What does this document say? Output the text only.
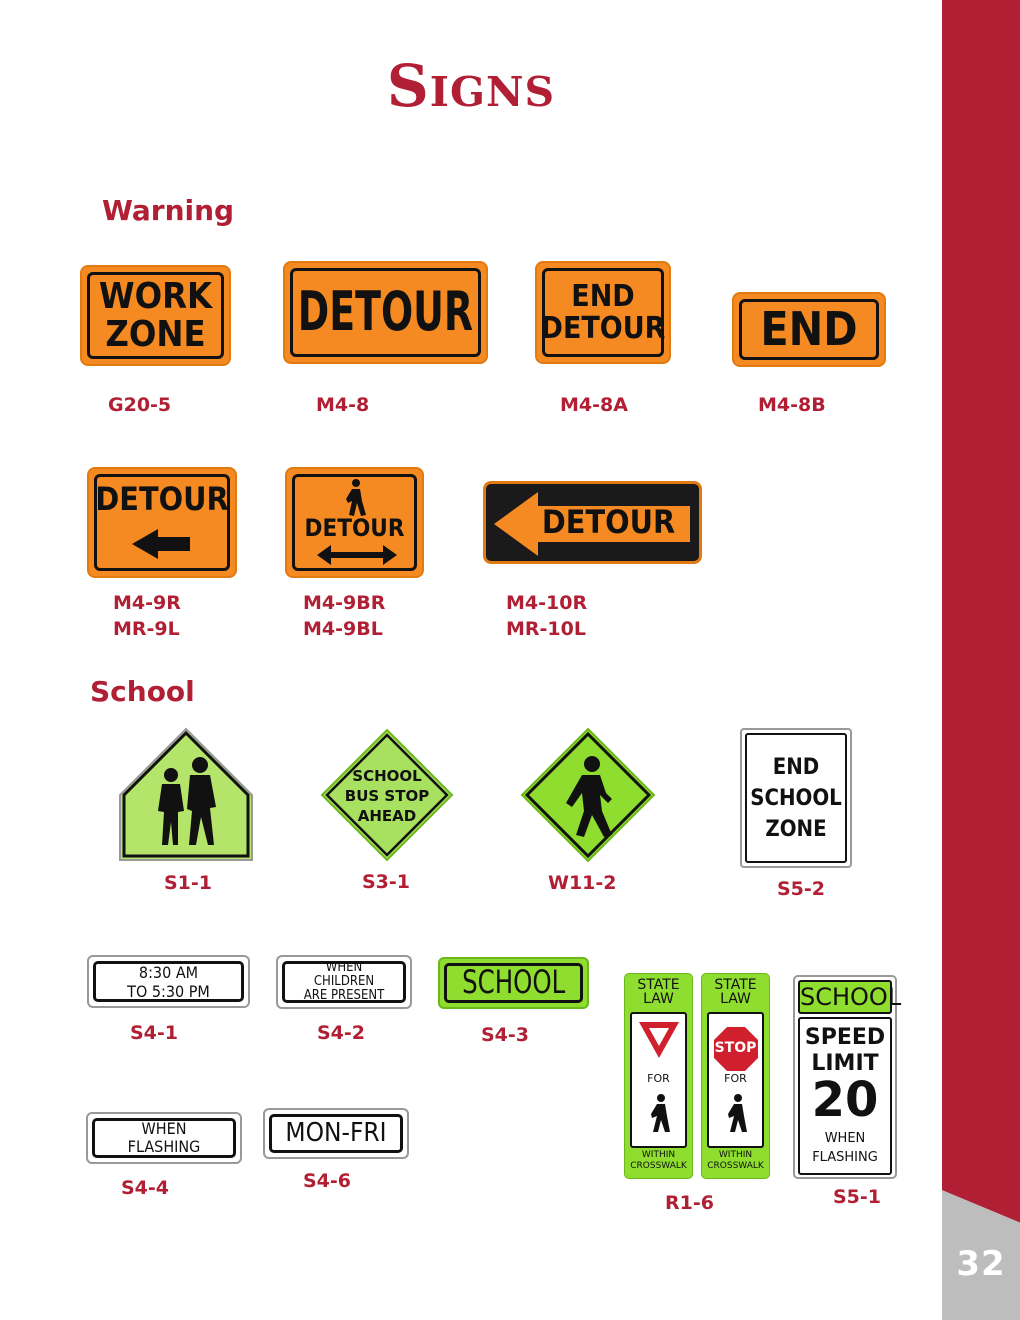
32
Signs
Warning
WORK
ZONE
G20-5
DETOUR
M4-8
END
DETOUR
M4-8A
END
M4-8B
DETOUR
M4-9R
MR-9L
DETOUR
M4-9BR
M4-9BL
DETOUR
M4-10R
MR-10L
School
S1-1
SCHOOL
BUS STOP
AHEAD
S3-1	W11-2
END
SCHOOL
ZONE
S5-2
8:30 AM
TO 5:30 PM
S4-1
WHEN
CHILDREN
ARE PRESENT
S4-2
SCHOOL
S4-3
STATE
LAW
FOR
WITHIN
CROSSWALK
STATE
LAW
STOP
FOR
WITHIN
CROSSWALK
R1-6
SCHOOL
SPEED
LIMIT
20
WHEN
FLASHING
S5-1
WHEN
FLASHING
S4-4
MON-FRI
S4-6
